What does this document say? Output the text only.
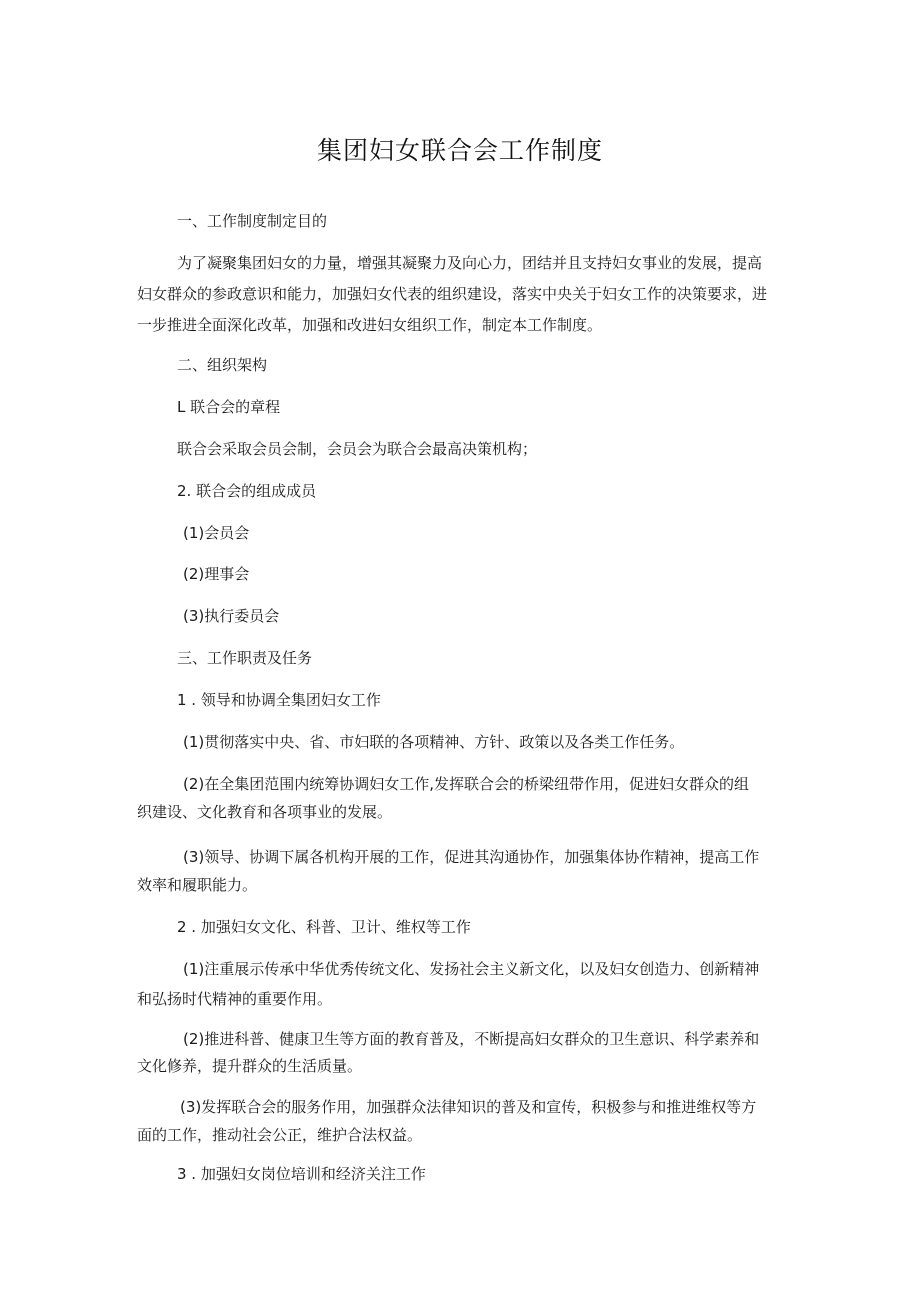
集团妇女联合会工作制度
一、工作制度制定目的
为了凝聚集团妇女的力量，增强其凝聚力及向心力，团结并且支持妇女事业的发展，提高
妇女群众的参政意识和能力，加强妇女代表的组织建设，落实中央关于妇女工作的决策要求，进
一步推进全面深化改革，加强和改进妇女组织工作，制定本工作制度。
二、组织架构
L 联合会的章程
联合会采取会员会制，会员会为联合会最高决策机构；
2. 联合会的组成成员
(1)会员会
(2)理事会
(3)执行委员会
三、工作职责及任务
1 . 领导和协调全集团妇女工作
(1)贯彻落实中央、省、市妇联的各项精神、方针、政策以及各类工作任务。
(2)在全集团范围内统筹协调妇女工作,发挥联合会的桥梁纽带作用，促进妇女群众的组
织建设、文化教育和各项事业的发展。
(3)领导、协调下属各机构开展的工作，促进其沟通协作，加强集体协作精神，提高工作
效率和履职能力。
2 . 加强妇女文化、科普、卫计、维权等工作
(1)注重展示传承中华优秀传统文化、发扬社会主义新文化，以及妇女创造力、创新精神
和弘扬时代精神的重要作用。
(2)推进科普、健康卫生等方面的教育普及，不断提高妇女群众的卫生意识、科学素养和
文化修养，提升群众的生活质量。
(3)发挥联合会的服务作用，加强群众法律知识的普及和宣传，积极参与和推进维权等方
面的工作，推动社会公正，维护合法权益。
3 . 加强妇女岗位培训和经济关注工作
